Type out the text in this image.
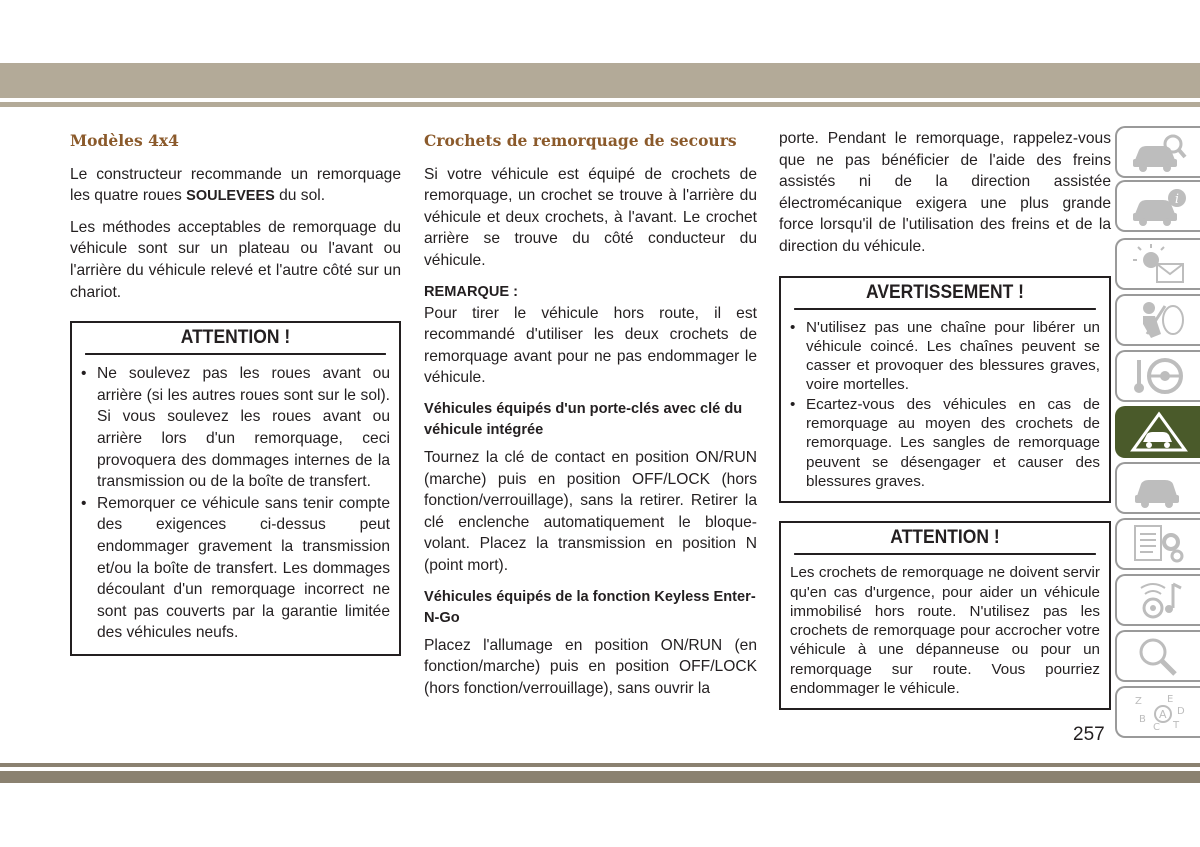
Modèles 4x4

Le constructeur recommande un remorquage les quatre roues SOULEVEES du sol.

Les méthodes acceptables de remorquage du véhicule sont sur un plateau ou l'avant ou l'arrière du véhicule relevé et l'autre côté sur un chariot.

ATTENTION !
• Ne soulevez pas les roues avant ou arrière (si les autres roues sont sur le sol). Si vous soulevez les roues avant ou arrière lors d'un remorquage, ceci provoquera des dommages internes de la transmission ou de la boîte de transfert.
• Remorquer ce véhicule sans tenir compte des exigences ci-dessus peut endommager gravement la transmission et/ou la boîte de transfert. Les dommages découlant d'un remorquage incorrect ne sont pas couverts par la garantie limitée des véhicules neufs.
Crochets de remorquage de secours

Si votre véhicule est équipé de crochets de remorquage, un crochet se trouve à l'arrière du véhicule et deux crochets, à l'avant. Le crochet arrière se trouve du côté conducteur du véhicule.

REMARQUE :

Pour tirer le véhicule hors route, il est recommandé d'utiliser les deux crochets de remorquage avant pour ne pas endommager le véhicule.

Véhicules équipés d'un porte-clés avec clé du véhicule intégrée

Tournez la clé de contact en position ON/RUN (marche) puis en position OFF/LOCK (hors fonction/verrouillage), sans la retirer. Retirer la clé enclenche automatiquement le bloque-volant. Placez la transmission en position N (point mort).

Véhicules équipés de la fonction Keyless Enter-N-Go

Placez l'allumage en position ON/RUN (en fonction/marche) puis en position OFF/LOCK (hors fonction/verrouillage), sans ouvrir la

porte. Pendant le remorquage, rappelez-vous que ne pas bénéficier de l'aide des freins assistés ni de la direction assistée électromécanique exigera une plus grande force lorsqu'il de l'utilisation des freins et de la direction du véhicule.

AVERTISSEMENT !
• N'utilisez pas une chaîne pour libérer un véhicule coincé. Les chaînes peuvent se casser et provoquer des blessures graves, voire mortelles.
• Ecartez-vous des véhicules en cas de remorquage au moyen des crochets de remorquage. Les sangles de remorquage peuvent se désengager et causer des blessures graves.
ATTENTION !

Les crochets de remorquage ne doivent servir qu'en cas d'urgence, pour aider un véhicule immobilisé hors route. N'utilisez pas les crochets de remorquage pour accrocher votre véhicule à une dépanneuse ou pour un remorquage sur route. Vous pourriez endommager le véhicule.

i
Z	E
D
B
C T
A
257
